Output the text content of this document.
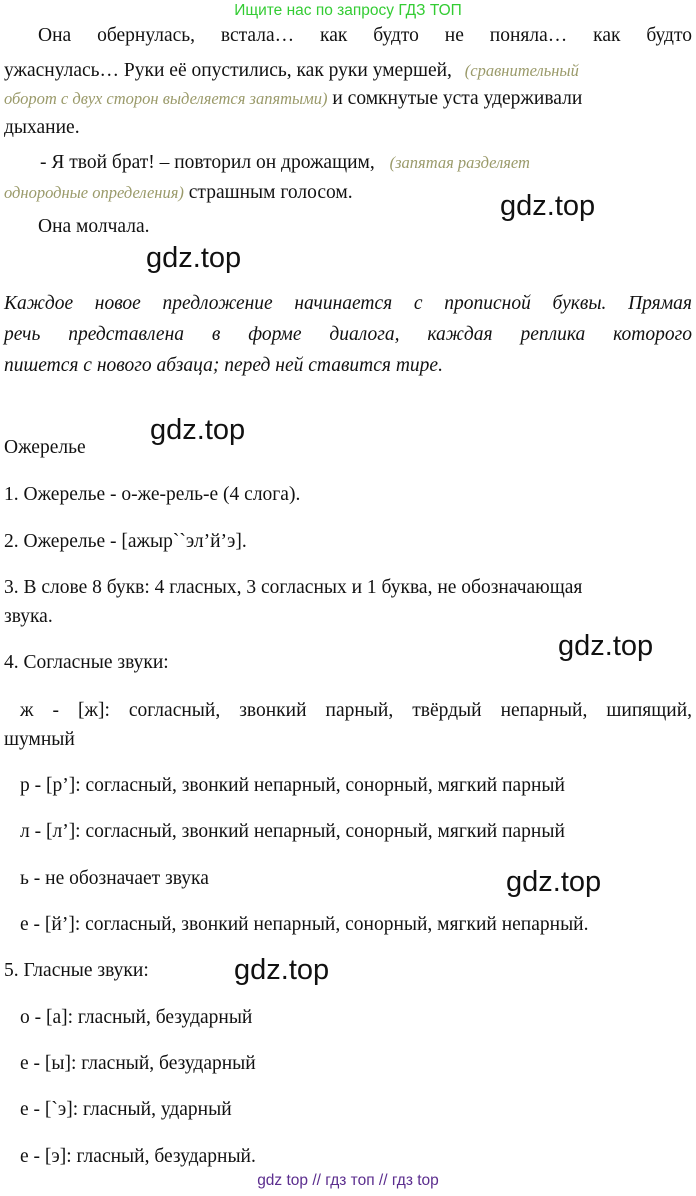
Ищите нас по запросу ГДЗ ТОП
Она обернулась, встала… как будто не поняла… как будто
ужаснулась… Руки её опустились, как руки умершей, (сравнительный
оборот с двух сторон выделяется запятыми) и сомкнутые уста удерживали
дыхание.
- Я твой брат! – повторил он дрожащим, (запятая разделяет
однородные определения) страшным голосом.	gdz.top
Она молчала.
gdz.top
Каждое новое предложение начинается с прописной буквы. Прямая
речь представлена в форме диалога, каждая реплика которого
пишется с нового абзаца; перед ней ставится тире.
gdz.top
Ожерелье
1. Ожерелье - о-же-рель-е (4 слога).
2. Ожерелье - [ажыр``эл’й’э].
3. В слове 8 букв: 4 гласных, 3 согласных и 1 буква, не обозначающая
звука.
gdz.top
4. Согласные звуки:
ж - [ж]: согласный, звонкий парный, твёрдый непарный, шипящий,
шумный
р - [р’]: согласный, звонкий непарный, сонорный, мягкий парный
л - [л’]: согласный, звонкий непарный, сонорный, мягкий парный
ь - не обозначает звука	gdz.top
е - [й’]: согласный, звонкий непарный, сонорный, мягкий непарный.
gdz.top
5. Гласные звуки:
о - [а]: гласный, безударный
е - [ы]: гласный, безударный
е - [`э]: гласный, ударный
е - [э]: гласный, безударный.
gdz top // гдз топ // гдз top
